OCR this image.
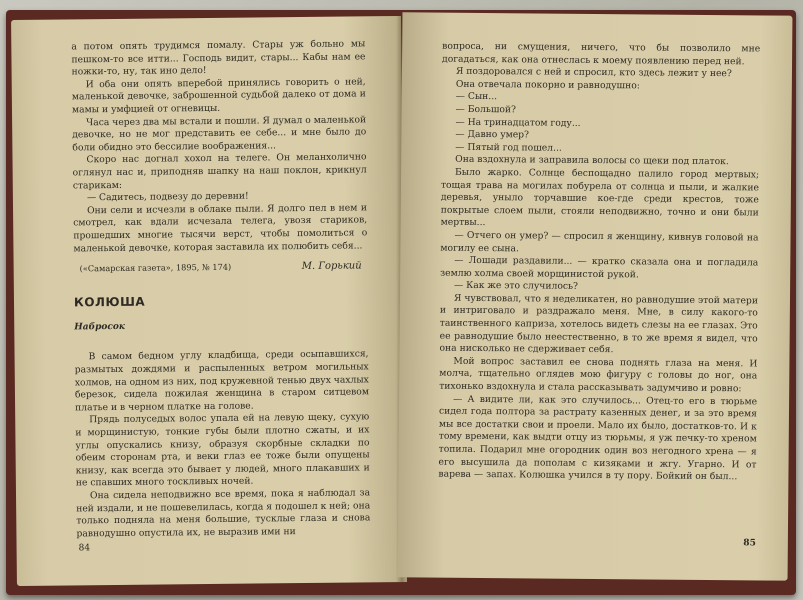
а потом опять трудимся помалу. Стары уж больно мы пешком-то все итти... Господь видит, стары... Кабы нам ее ножки-то, ну, так ино дело!

И оба они опять вперебой принялись говорить о ней, маленькой девочке, заброшенной судьбой далеко от дома и мамы и умфцией от огневицы.

Часа через два мы встали и пошли. Я думал о маленькой девочке, но не мог представить ее себе... и мне было до боли обидно это бессилие воображения...

Скоро нас догнал хохол на телеге. Он меланхолично оглянул нас и, приподняв шапку на наш поклон, крикнул старикам:

— Садитесь, подвезу до деревни!

Они сели и исчезли в облаке пыли. Я долго пел в нем и смотрел, как вдали исчезала телега, увозя стариков, прошедших многие тысячи верст, чтобы помолиться о маленькой девочке, которая заставила их полюбить себя...

М. Горький
(«Самарская газета», 1895, № 174)
КОЛЮША
Набросок

В самом бедном углу кладбища, среди осыпавшихся, размытых дождями и распыленных ветром могильных холмов, на одном из них, под кружевной тенью двух чахлых березок, сидела пожилая женщина в старом ситцевом платье и в черном платке на голове.

Прядь полуседых волос упала ей на левую щеку, сухую и морщинистую, тонкие губы были плотно сжаты, и их углы опускались книзу, образуя скорбные складки по обеим сторонам рта, и веки глаз ее тоже были опущены книзу, как всегда это бывает у людей, много плакавших и не спавших много тоскливых ночей.

Она сидела неподвижно все время, пока я наблюдал за ней издали, и не пошевелилась, когда я подошел к ней; она только подняла на меня большие, тусклые глаза и снова равнодушно опустила их, не выразив ими ни

84

вопроса, ни смущения, ничего, что бы позволило мне догадаться, как она отнеслась к моему появлению перед ней.

Я поздоровался с ней и спросил, кто здесь лежит у нее?

Она отвечала покорно и равнодушно:

— Сын...

— Большой?

— На тринадцатом году...

— Давно умер?

— Пятый год пошел...

Она вздохнула и заправила волосы со щеки под платок.

Было жарко. Солнце беспощадно палило город мертвых; тощая трава на могилах побурела от солнца и пыли, и жалкие деревья, уныло торчавшие кое-где среди крестов, тоже покрытые слоем пыли, стояли неподвижно, точно и они были мертвы...

— Отчего он умер? — спросил я женщину, кивнув головой на могилу ее сына.

— Лошади раздавили... — кратко сказала она и погладила землю холма своей морщинистой рукой.

— Как же это случилось?

Я чувствовал, что я неделикатен, но равнодушие этой матери и интриговало и раздражало меня. Мне, в силу какого-то таинственного каприза, хотелось видеть слезы на ее глазах. Это ее равнодушие было неестественно, в то же время я видел, что она нисколько не сдерживает себя.

Мой вопрос заставил ее снова поднять глаза на меня. И молча, тщательно оглядев мою фигуру с головы до ног, она тихонько вздохнула и стала рассказывать задумчиво и ровно:

— А видите ли, как это случилось... Отец-то его в тюрьме сидел года полтора за растрату казенных денег, и за это время мы все достатки свои и проели. Мало их было, достатков-то. И к тому времени, как выдти отцу из тюрьмы, я уж печку-то хреном топила. Подарил мне огородник один воз негодного хрена — я его высушила да пополам с кизяками и жгу. Угарно. И от варева — запах. Колюшка учился в ту пору. Бойкий он был...

85
